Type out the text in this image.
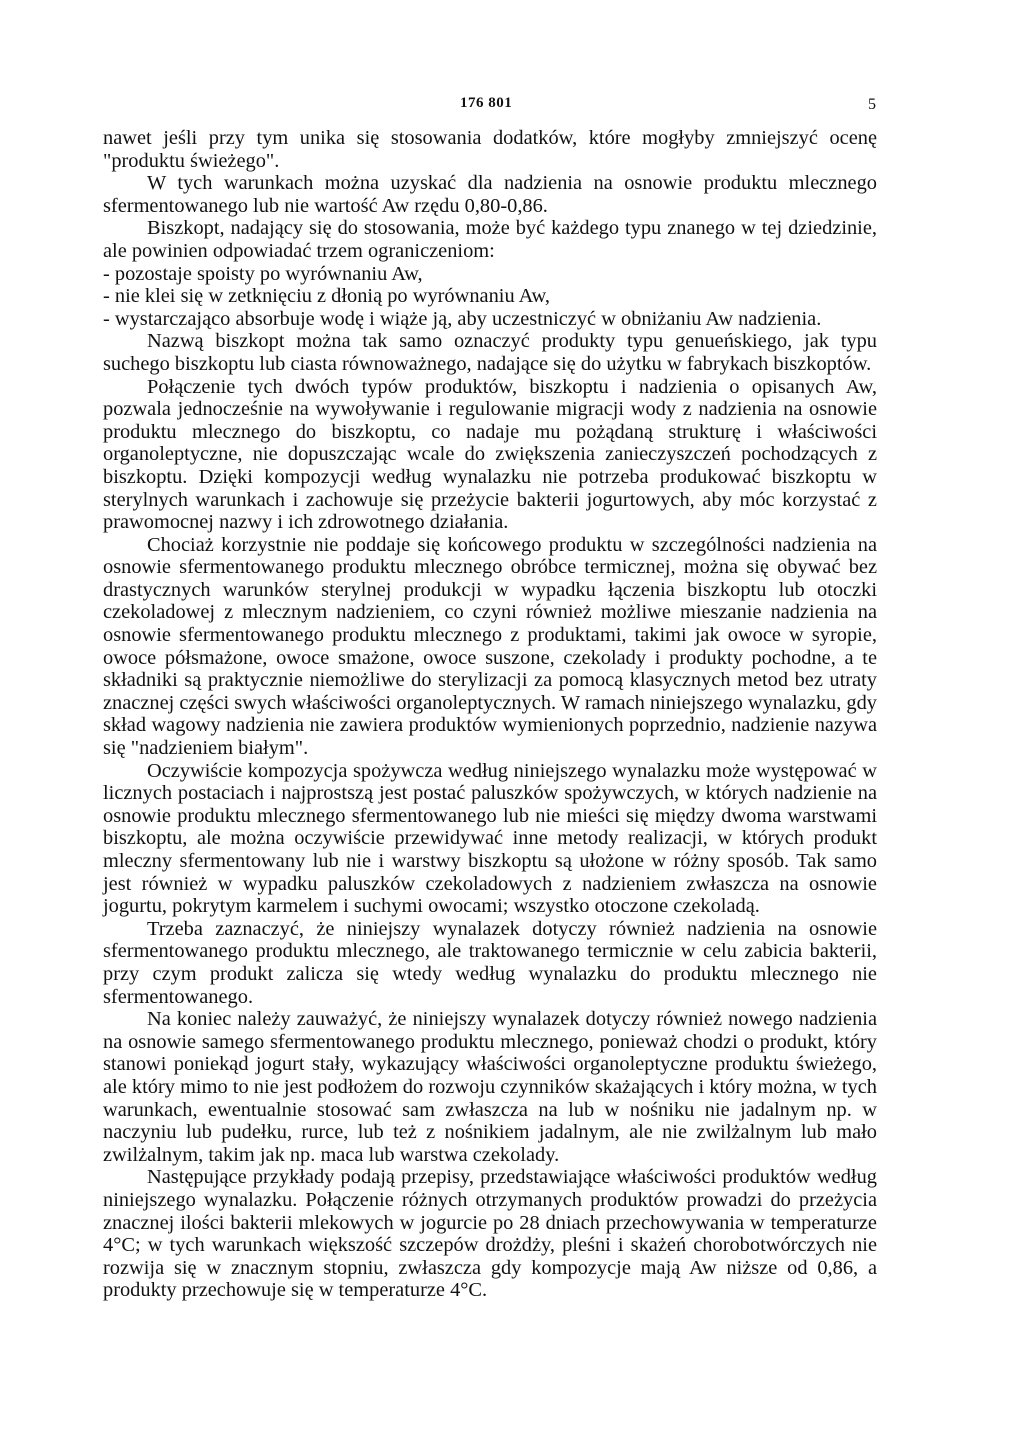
176 801	5

nawet jeśli przy tym unika się stosowania dodatków, które mogłyby zmniejszyć ocenę "produktu świeżego".

W tych warunkach można uzyskać dla nadzienia na osnowie produktu mlecznego sfermentowanego lub nie wartość Aw rzędu 0,80-0,86.

Biszkopt, nadający się do stosowania, może być każdego typu znanego w tej dziedzinie, ale powinien odpowiadać trzem ograniczeniom:

- pozostaje spoisty po wyrównaniu Aw,

- nie klei się w zetknięciu z dłonią po wyrównaniu Aw,

- wystarczająco absorbuje wodę i wiąże ją, aby uczestniczyć w obniżaniu Aw nadzienia.

Nazwą biszkopt można tak samo oznaczyć produkty typu genueńskiego, jak typu suchego biszkoptu lub ciasta równoważnego, nadające się do użytku w fabrykach biszkoptów.

Połączenie tych dwóch typów produktów, biszkoptu i nadzienia o opisanych Aw, pozwala jednocześnie na wywoływanie i regulowanie migracji wody z nadzienia na osnowie produktu mlecznego do biszkoptu, co nadaje mu pożądaną strukturę i właściwości organoleptyczne, nie dopuszczając wcale do zwiększenia zanieczyszczeń pochodzących z biszkoptu. Dzięki kompozycji według wynalazku nie potrzeba produkować biszkoptu w sterylnych warunkach i zachowuje się przeżycie bakterii jogurtowych, aby móc korzystać z prawomocnej nazwy i ich zdrowotnego działania.

Chociaż korzystnie nie poddaje się końcowego produktu w szczególności nadzienia na osnowie sfermentowanego produktu mlecznego obróbce termicznej, można się obywać bez drastycznych warunków sterylnej produkcji w wypadku łączenia biszkoptu lub otoczki czekoladowej z mlecznym nadzieniem, co czyni również możliwe mieszanie nadzienia na osnowie sfermentowanego produktu mlecznego z produktami, takimi jak owoce w syropie, owoce półsmażone, owoce smażone, owoce suszone, czekolady i produkty pochodne, a te składniki są praktycznie niemożliwe do sterylizacji za pomocą klasycznych metod bez utraty znacznej części swych właściwości organoleptycznych. W ramach niniejszego wynalazku, gdy skład wagowy nadzienia nie zawiera produktów wymienionych poprzednio, nadzienie nazywa się "nadzieniem białym".

Oczywiście kompozycja spożywcza według niniejszego wynalazku może występować w licznych postaciach i najprostszą jest postać paluszków spożywczych, w których nadzienie na osnowie produktu mlecznego sfermentowanego lub nie mieści się między dwoma warstwami biszkoptu, ale można oczywiście przewidywać inne metody realizacji, w których produkt mleczny sfermentowany lub nie i warstwy biszkoptu są ułożone w różny sposób. Tak samo jest również w wypadku paluszków czekoladowych z nadzieniem zwłaszcza na osnowie jogurtu, pokrytym karmelem i suchymi owocami; wszystko otoczone czekoladą.

Trzeba zaznaczyć, że niniejszy wynalazek dotyczy również nadzienia na osnowie sfermentowanego produktu mlecznego, ale traktowanego termicznie w celu zabicia bakterii, przy czym produkt zalicza się wtedy według wynalazku do produktu mlecznego nie sfermentowanego.

Na koniec należy zauważyć, że niniejszy wynalazek dotyczy również nowego nadzienia na osnowie samego sfermentowanego produktu mlecznego, ponieważ chodzi o produkt, który stanowi poniekąd jogurt stały, wykazujący właściwości organoleptyczne produktu świeżego, ale który mimo to nie jest podłożem do rozwoju czynników skażających i który można, w tych warunkach, ewentualnie stosować sam zwłaszcza na lub w nośniku nie jadalnym np. w naczyniu lub pudełku, rurce, lub też z nośnikiem jadalnym, ale nie zwilżalnym lub mało zwilżalnym, takim jak np. maca lub warstwa czekolady.

Następujące przykłady podają przepisy, przedstawiające właściwości produktów według niniejszego wynalazku. Połączenie różnych otrzymanych produktów prowadzi do przeżycia znacznej ilości bakterii mlekowych w jogurcie po 28 dniach przechowywania w temperaturze 4°C; w tych warunkach większość szczepów drożdży, pleśni i skażeń chorobotwórczych nie rozwija się w znacznym stopniu, zwłaszcza gdy kompozycje mają Aw niższe od 0,86, a produkty przechowuje się w temperaturze 4°C.
